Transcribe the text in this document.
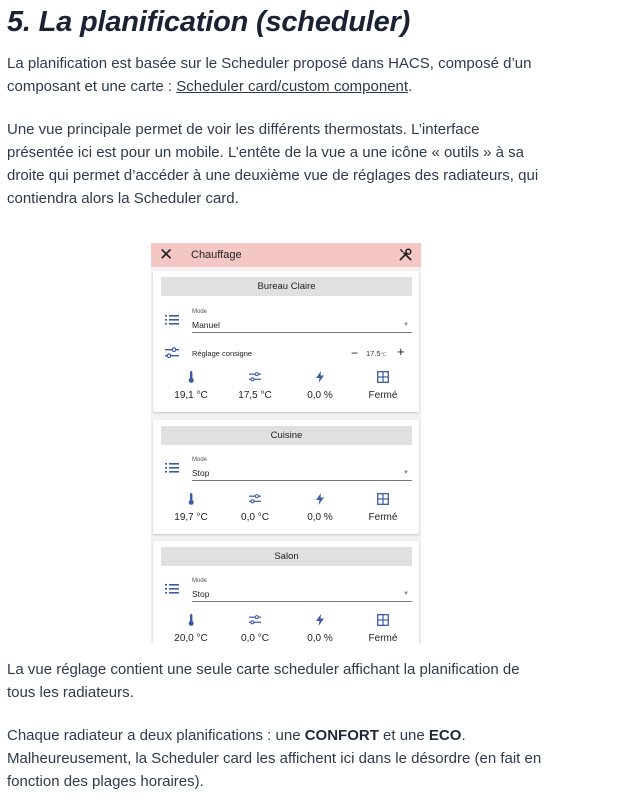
5. La planification (scheduler)
La planification est basée sur le Scheduler proposé dans HACS, composé d’un
composant et une carte : Scheduler card/custom component.
Une vue principale permet de voir les différents thermostats. L’interface
présentée ici est pour un mobile. L’entête de la vue a une icône « outils » à sa
droite qui permet d’accéder à une deuxième vue de réglages des radiateurs, qui
contiendra alors la Scheduler card.
La vue réglage contient une seule carte scheduler affichant la planification de
tous les radiateurs.
Chaque radiateur a deux planifications : une CONFORT et une ECO.
Malheureusement, la Scheduler card les affichent ici dans le désordre (en fait en
fonction des plages horaires).
✕	Chauffage
Bureau Claire
Mode
Manuel	▼
Réglage consigne	− 17.5°C +
19,1 °C	17,5 °C	0,0 %	Fermé
Cuisine
Mode
Stop	▼
19,7 °C	0,0 °C	0,0 %	Fermé
Salon
Mode
Stop	▼
20,0 °C	0,0 °C	0,0 %	Fermé
